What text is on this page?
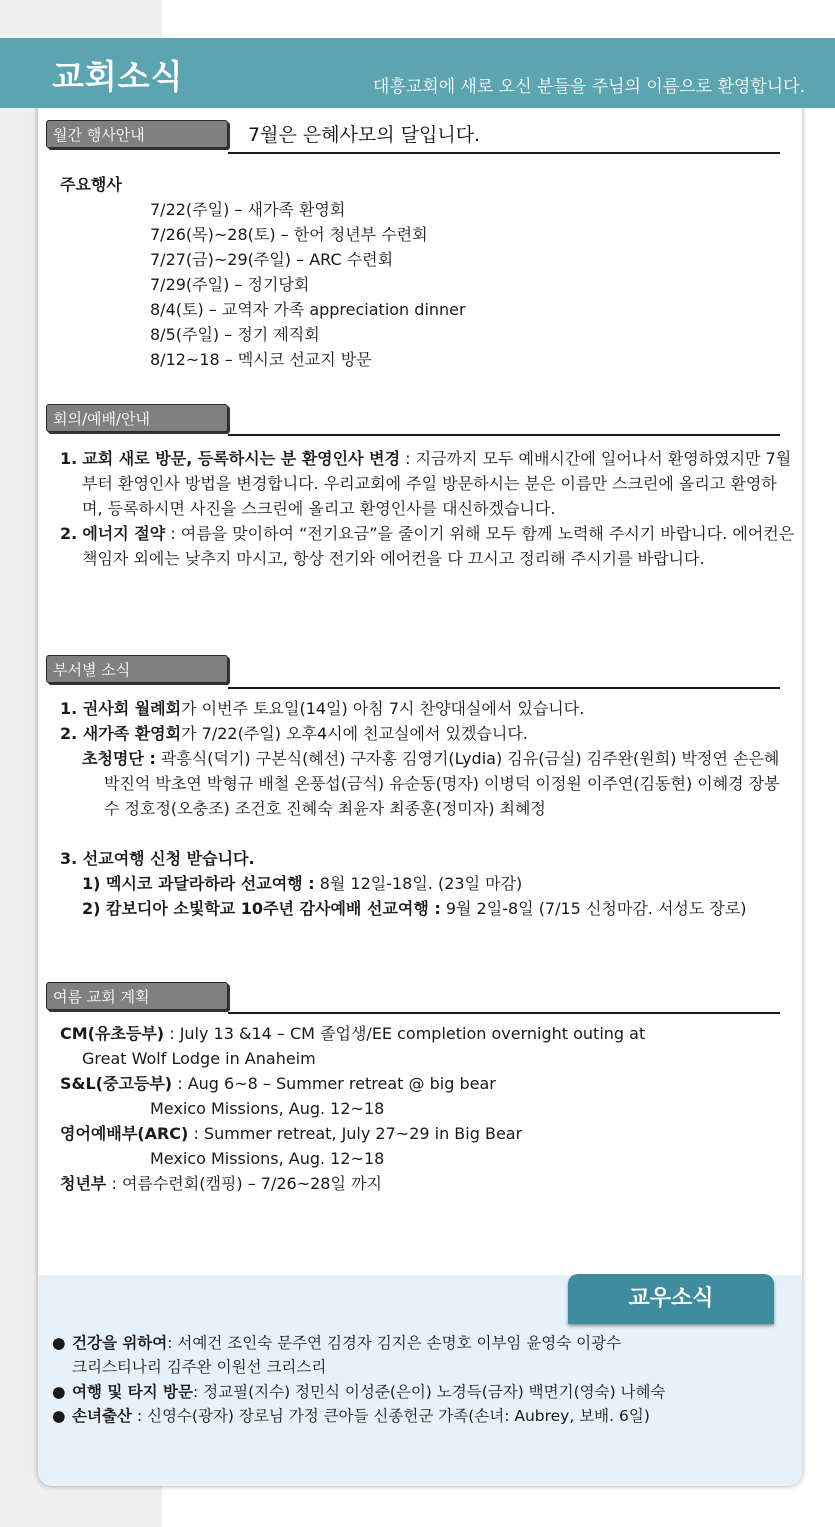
교회소식	대흥교회에 새로 오신 분들을 주님의 이름으로 환영합니다.
월간 행사안내	7월은 은혜사모의 달입니다.
주요행사
7/22(주일) – 새가족 환영회
7/26(목)~28(토) – 한어 청년부 수련회
7/27(금)~29(주일) – ARC 수련회
7/29(주일) – 정기당회
8/4(토) – 교역자 가족 appreciation dinner
8/5(주일) – 정기 제직회
8/12~18 – 멕시코 선교지 방문
회의/예배/안내

1. 교회 새로 방문, 등록하시는 분 환영인사 변경 : 지금까지 모두 예배시간에 일어나서 환영하였지만 7월부터 환영인사 방법을 변경합니다. 우리교회에 주일 방문하시는 분은 이름만 스크린에 올리고 환영하며, 등록하시면 사진을 스크린에 올리고 환영인사를 대신하겠습니다.

2. 에너지 절약 : 여름을 맞이하여 “전기요금”을 줄이기 위해 모두 함께 노력해 주시기 바랍니다. 에어컨은 책임자 외에는 낮추지 마시고, 항상 전기와 에어컨을 다 끄시고 정리해 주시기를 바랍니다.

부서별 소식
1. 권사회 월례회가 이번주 토요일(14일) 아침 7시 찬양대실에서 있습니다.
2. 새가족 환영회가 7/22(주일) 오후4시에 친교실에서 있겠습니다.

초청명단 : 곽흥식(덕기) 구본식(혜선) 구자홍 김영기(Lydia) 김유(금실) 김주완(원희) 박정연 손은혜 박진억 박초연 박형규 배철 온풍섭(금식) 유순동(명자) 이병덕 이정원 이주연(김동현) 이혜경 장봉수 정호정(오충조) 조건호 진혜숙 최윤자 최종훈(정미자) 최혜정

3. 선교여행 신청 받습니다.
1) 멕시코 과달라하라 선교여행 : 8월 12일-18일. (23일 마감)

2) 캄보디아 소빛학교 10주년 감사예배 선교여행 : 9월 2일-8일 (7/15 신청마감. 서성도 장로)

여름 교회 계획
CM(유초등부) : July 13 &14 – CM 졸업생/EE completion overnight outing at
Great Wolf Lodge in Anaheim
S&L(중고등부) : Aug 6~8 – Summer retreat @ big bear
Mexico Missions, Aug. 12~18
영어예배부(ARC) : Summer retreat, July 27~29 in Big Bear
Mexico Missions, Aug. 12~18
청년부 : 여름수련회(캠핑) – 7/26~28일 까지
교우소식
● 건강을 위하여: 서예건 조인숙 문주연 김경자 김지은 손명호 이부임 윤영숙 이광수
크리스티나리 김주완 이원선 크리스리
● 여행 및 타지 방문: 정교필(지수) 정민식 이성준(은이) 노경득(금자) 백면기(영숙) 나혜숙
● 손녀출산 : 신영수(광자) 장로님 가정 큰아들 신종헌군 가족(손녀: Aubrey, 보배. 6일)
